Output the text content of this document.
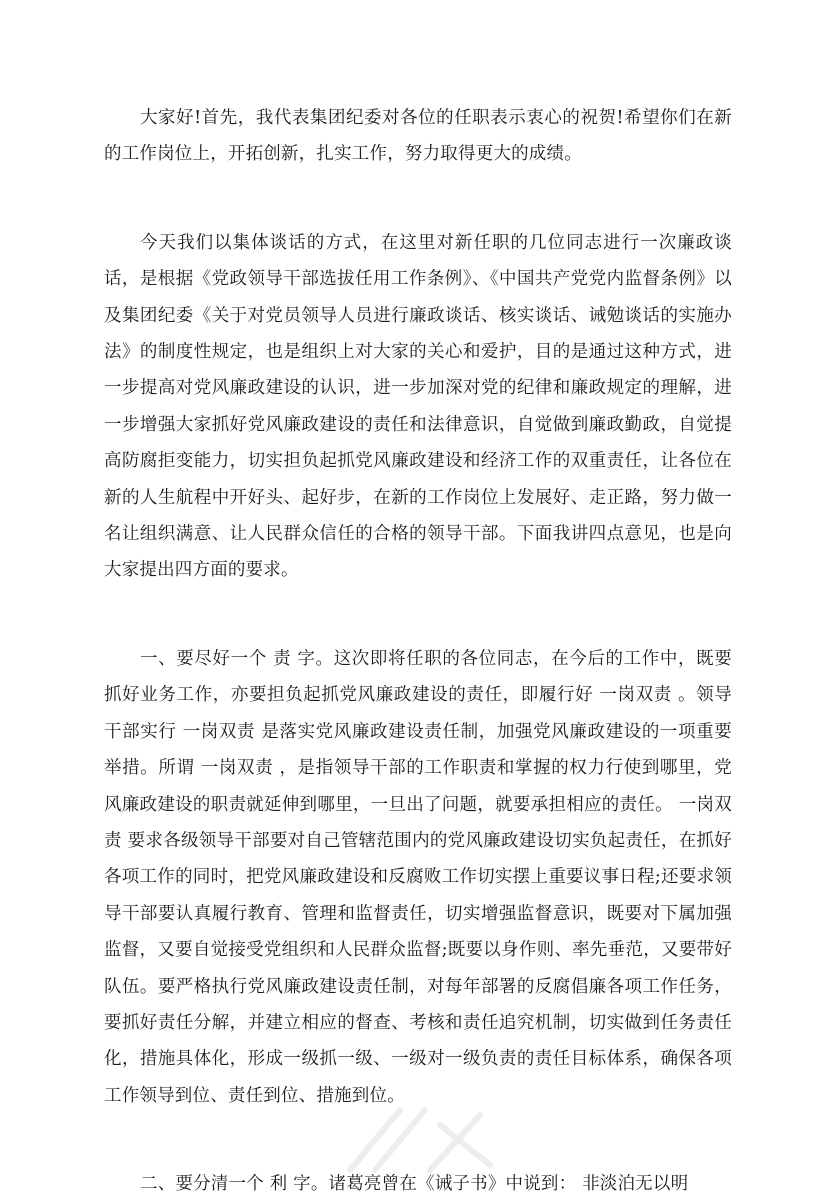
大家好!首先，我代表集团纪委对各位的任职表示衷心的祝贺!希望你们在新的工作岗位上，开拓创新，扎实工作，努力取得更大的成绩。

今天我们以集体谈话的方式，在这里对新任职的几位同志进行一次廉政谈话，是根据《党政领导干部选拔任用工作条例》、《中国共产党党内监督条例》以及集团纪委《关于对党员领导人员进行廉政谈话、核实谈话、诫勉谈话的实施办法》的制度性规定，也是组织上对大家的关心和爱护，目的是通过这种方式，进一步提高对党风廉政建设的认识，进一步加深对党的纪律和廉政规定的理解，进一步增强大家抓好党风廉政建设的责任和法律意识，自觉做到廉政勤政，自觉提高防腐拒变能力，切实担负起抓党风廉政建设和经济工作的双重责任，让各位在新的人生航程中开好头、起好步，在新的工作岗位上发展好、走正路，努力做一名让组织满意、让人民群众信任的合格的领导干部。下面我讲四点意见，也是向大家提出四方面的要求。

一、要尽好一个 责 字。这次即将任职的各位同志，在今后的工作中，既要抓好业务工作，亦要担负起抓党风廉政建设的责任，即履行好 一岗双责 。领导干部实行 一岗双责 是落实党风廉政建设责任制，加强党风廉政建设的一项重要举措。所谓 一岗双责 ，是指领导干部的工作职责和掌握的权力行使到哪里，党风廉政建设的职责就延伸到哪里，一旦出了问题，就要承担相应的责任。 一岗双责 要求各级领导干部要对自己管辖范围内的党风廉政建设切实负起责任，在抓好各项工作的同时，把党风廉政建设和反腐败工作切实摆上重要议事日程;还要求领导干部要认真履行教育、管理和监督责任，切实增强监督意识，既要对下属加强监督，又要自觉接受党组织和人民群众监督;既要以身作则、率先垂范，又要带好队伍。要严格执行党风廉政建设责任制，对每年部署的反腐倡廉各项工作任务，要抓好责任分解，并建立相应的督查、考核和责任追究机制，切实做到任务责任化，措施具体化，形成一级抓一级、一级对一级负责的责任目标体系，确保各项工作领导到位、责任到位、措施到位。

二、要分清一个 利 字。诸葛亮曾在《诫子书》中说到： 非淡泊无以明
